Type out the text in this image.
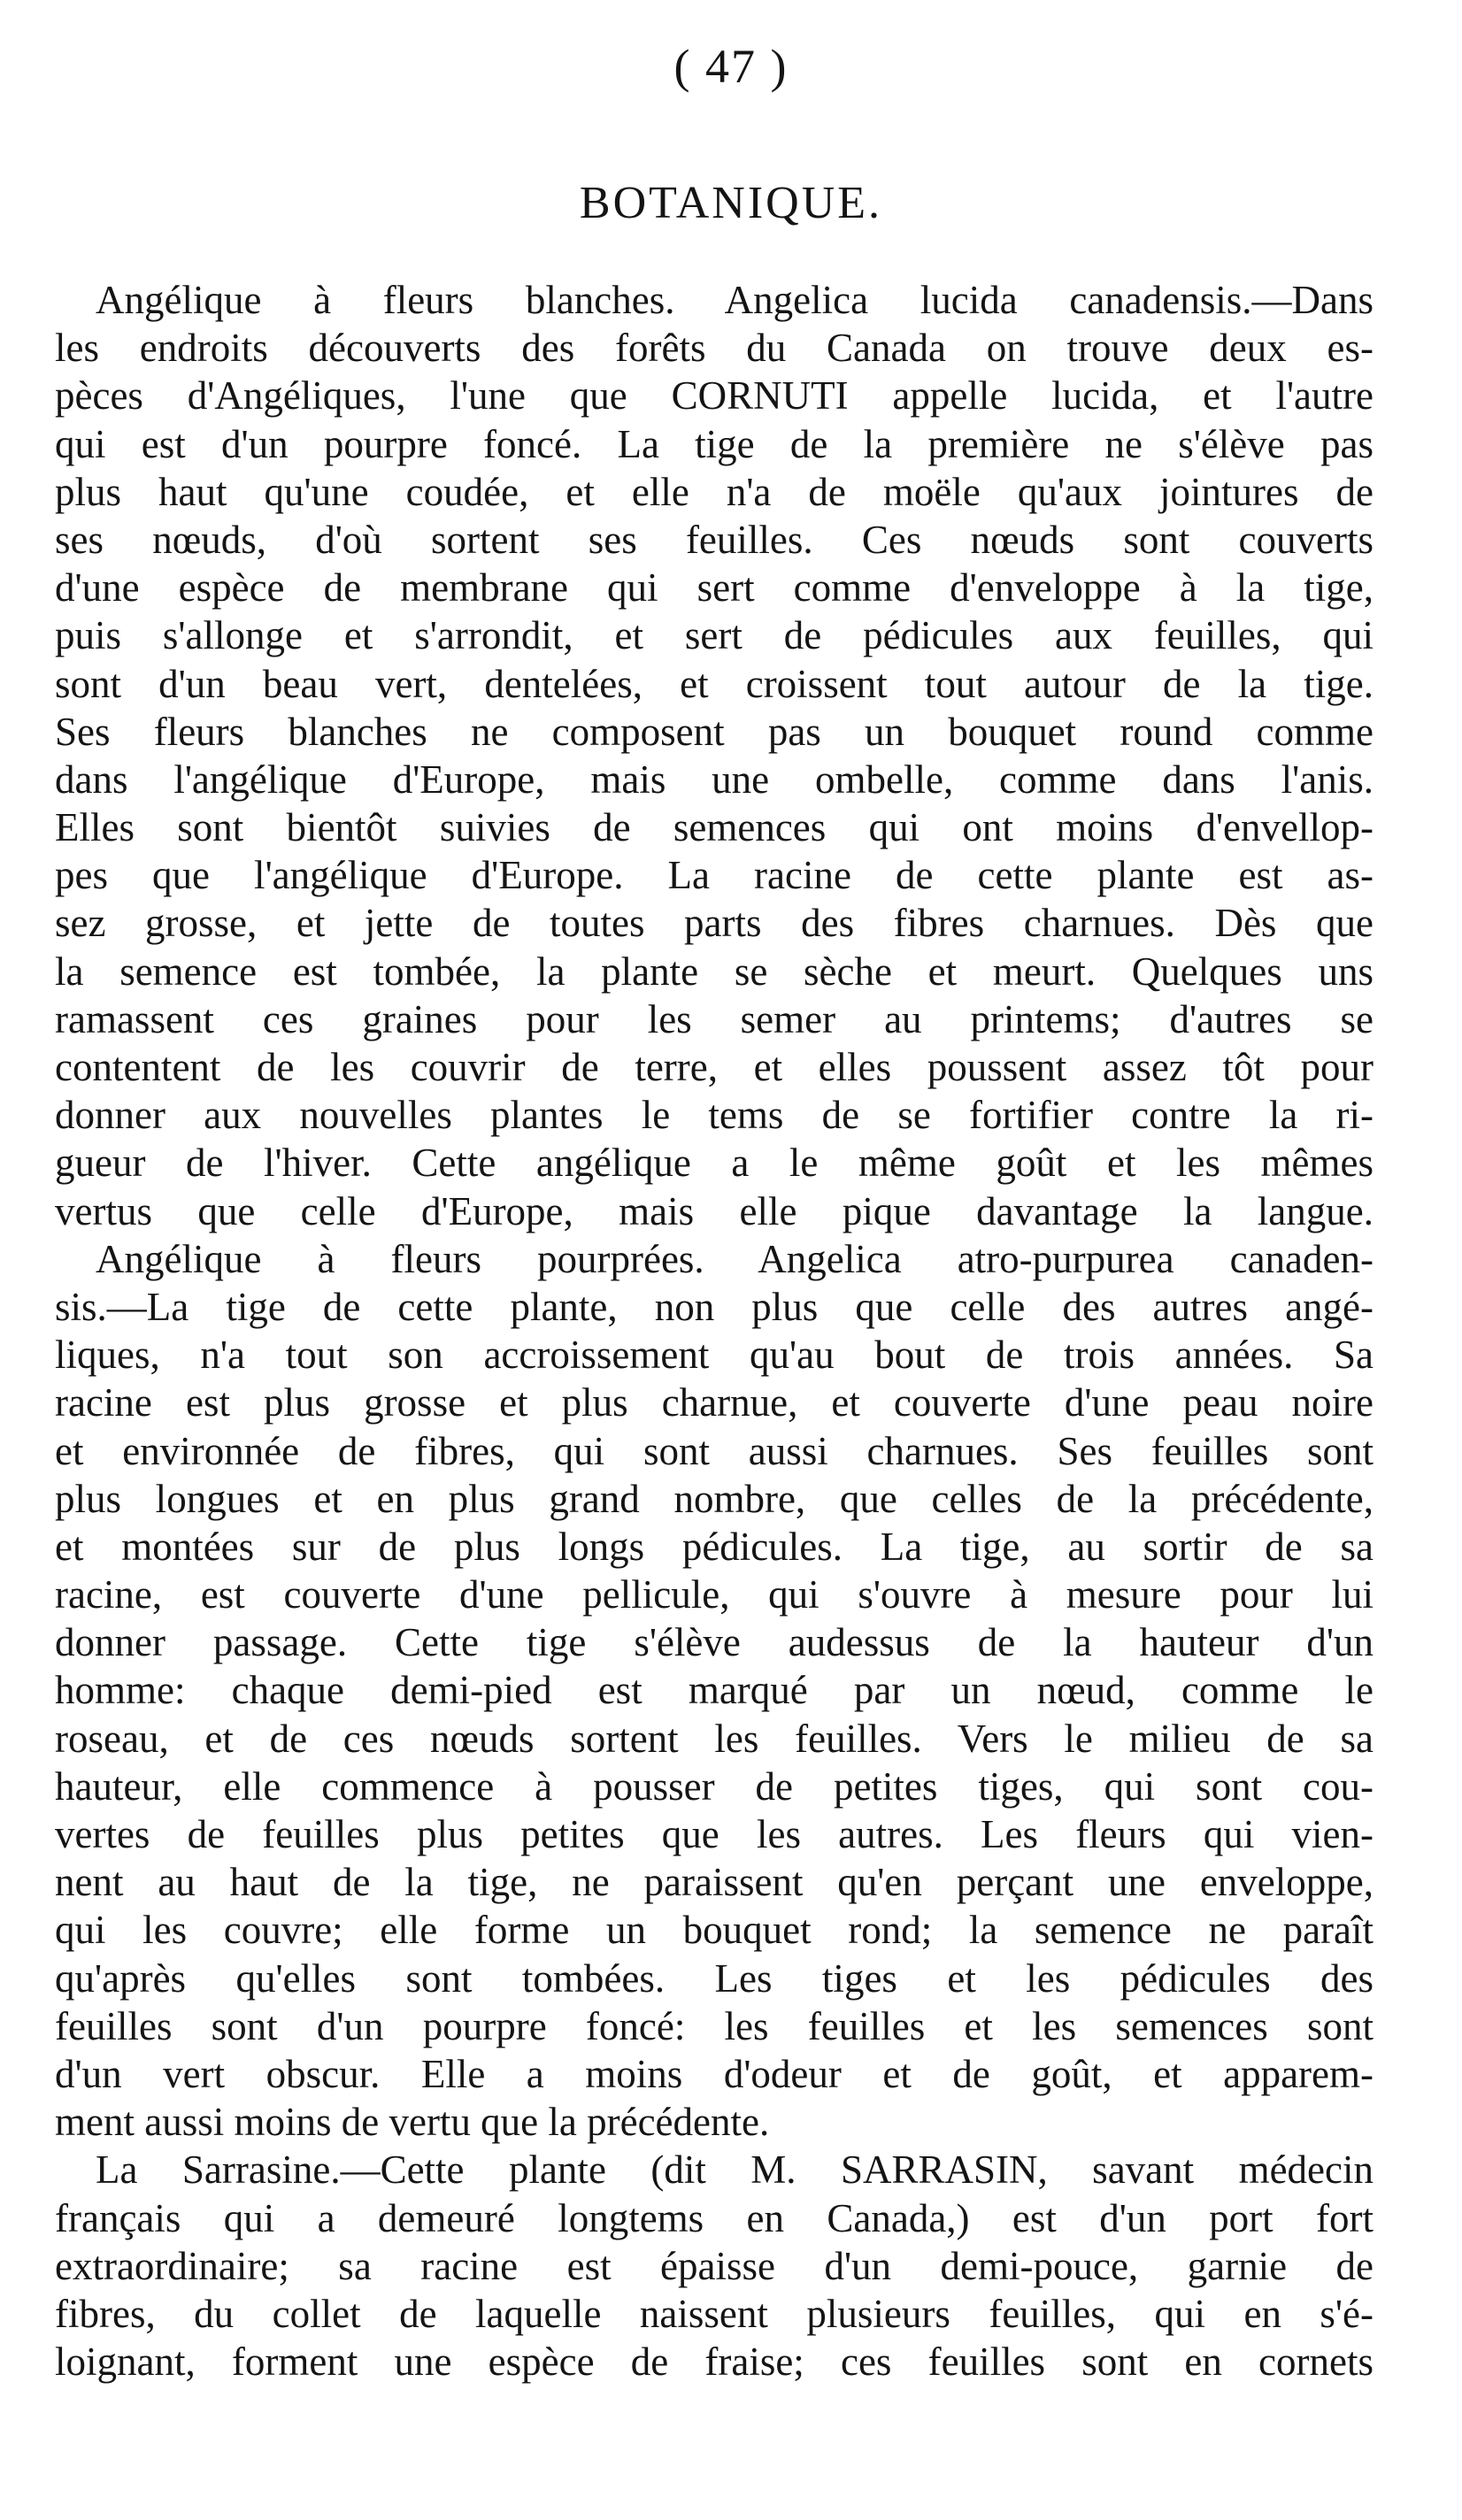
( 47 )
BOTANIQUE.
Angélique à fleurs blanches. Angelica lucida canadensis.—Dans
les endroits découverts des forêts du Canada on trouve deux es-
pèces d'Angéliques, l'une que CORNUTI appelle lucida, et l'autre
qui est d'un pourpre foncé. La tige de la première ne s'élève pas
plus haut qu'une coudée, et elle n'a de moële qu'aux jointures de
ses nœuds, d'où sortent ses feuilles. Ces nœuds sont couverts
d'une espèce de membrane qui sert comme d'enveloppe à la tige,
puis s'allonge et s'arrondit, et sert de pédicules aux feuilles, qui
sont d'un beau vert, dentelées, et croissent tout autour de la tige.
Ses fleurs blanches ne composent pas un bouquet round comme
dans l'angélique d'Europe, mais une ombelle, comme dans l'anis.
Elles sont bientôt suivies de semences qui ont moins d'envellop-
pes que l'angélique d'Europe. La racine de cette plante est as-
sez grosse, et jette de toutes parts des fibres charnues. Dès que
la semence est tombée, la plante se sèche et meurt. Quelques uns
ramassent ces graines pour les semer au printems; d'autres se
contentent de les couvrir de terre, et elles poussent assez tôt pour
donner aux nouvelles plantes le tems de se fortifier contre la ri-
gueur de l'hiver. Cette angélique a le même goût et les mêmes
vertus que celle d'Europe, mais elle pique davantage la langue.
Angélique à fleurs pourprées. Angelica atro-purpurea canaden-
sis.—La tige de cette plante, non plus que celle des autres angé-
liques, n'a tout son accroissement qu'au bout de trois années. Sa
racine est plus grosse et plus charnue, et couverte d'une peau noire
et environnée de fibres, qui sont aussi charnues. Ses feuilles sont
plus longues et en plus grand nombre, que celles de la précédente,
et montées sur de plus longs pédicules. La tige, au sortir de sa
racine, est couverte d'une pellicule, qui s'ouvre à mesure pour lui
donner passage. Cette tige s'élève audessus de la hauteur d'un
homme: chaque demi-pied est marqué par un nœud, comme le
roseau, et de ces nœuds sortent les feuilles. Vers le milieu de sa
hauteur, elle commence à pousser de petites tiges, qui sont cou-
vertes de feuilles plus petites que les autres. Les fleurs qui vien-
nent au haut de la tige, ne paraissent qu'en perçant une enveloppe,
qui les couvre; elle forme un bouquet rond; la semence ne paraît
qu'après qu'elles sont tombées. Les tiges et les pédicules des
feuilles sont d'un pourpre foncé: les feuilles et les semences sont
d'un vert obscur. Elle a moins d'odeur et de goût, et apparem-
ment aussi moins de vertu que la précédente.
La Sarrasine.—Cette plante (dit M. SARRASIN, savant médecin
français qui a demeuré longtems en Canada,) est d'un port fort
extraordinaire; sa racine est épaisse d'un demi-pouce, garnie de
fibres, du collet de laquelle naissent plusieurs feuilles, qui en s'é-
loignant, forment une espèce de fraise; ces feuilles sont en cornets
